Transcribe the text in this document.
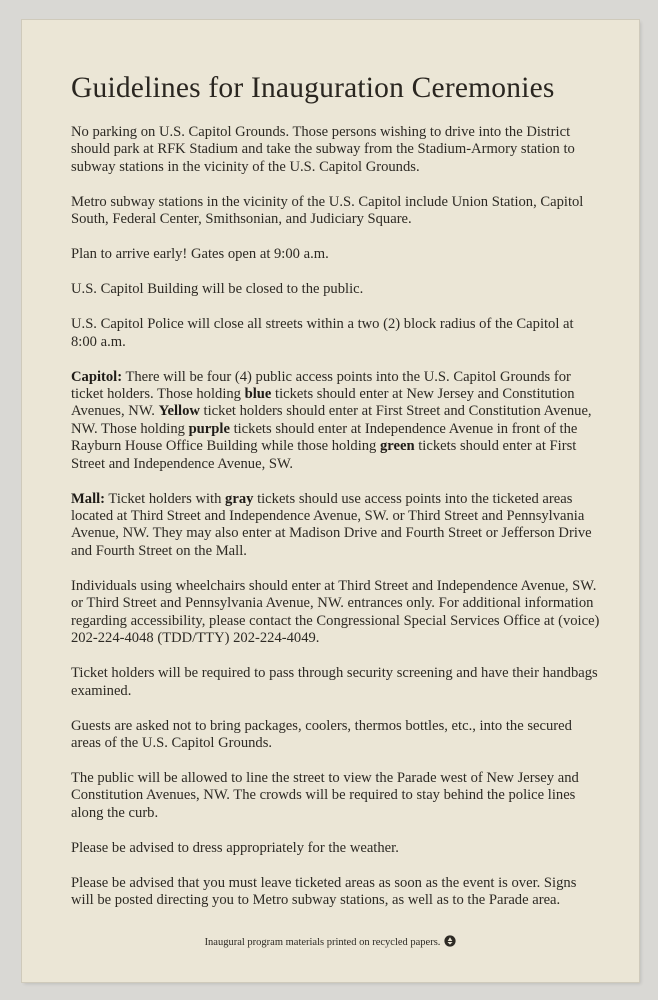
Guidelines for Inauguration Ceremonies

No parking on U.S. Capitol Grounds. Those persons wishing to drive into the District should park at RFK Stadium and take the subway from the Stadium-Armory station to subway stations in the vicinity of the U.S. Capitol Grounds.

Metro subway stations in the vicinity of the U.S. Capitol include Union Station, Capitol South, Federal Center, Smithsonian, and Judiciary Square.

Plan to arrive early! Gates open at 9:00 a.m.

U.S. Capitol Building will be closed to the public.

U.S. Capitol Police will close all streets within a two (2) block radius of the Capitol at 8:00 a.m.

Capitol: There will be four (4) public access points into the U.S. Capitol Grounds for ticket holders. Those holding blue tickets should enter at New Jersey and Constitution Avenues, NW. Yellow ticket holders should enter at First Street and Constitution Avenue, NW. Those holding purple tickets should enter at Independence Avenue in front of the Rayburn House Office Building while those holding green tickets should enter at First Street and Independence Avenue, SW.

Mall: Ticket holders with gray tickets should use access points into the ticketed areas located at Third Street and Independence Avenue, SW. or Third Street and Pennsylvania Avenue, NW. They may also enter at Madison Drive and Fourth Street or Jefferson Drive and Fourth Street on the Mall.

Individuals using wheelchairs should enter at Third Street and Independence Avenue, SW. or Third Street and Pennsylvania Avenue, NW. entrances only. For additional information regarding accessibility, please contact the Congressional Special Services Office at (voice) 202-224-4048 (TDD/TTY) 202-224-4049.

Ticket holders will be required to pass through security screening and have their handbags examined.

Guests are asked not to bring packages, coolers, thermos bottles, etc., into the secured areas of the U.S. Capitol Grounds.

The public will be allowed to line the street to view the Parade west of New Jersey and Constitution Avenues, NW. The crowds will be required to stay behind the police lines along the curb.

Please be advised to dress appropriately for the weather.

Please be advised that you must leave ticketed areas as soon as the event is over. Signs will be posted directing you to Metro subway stations, as well as to the Parade area.

Inaugural program materials printed on recycled papers.
